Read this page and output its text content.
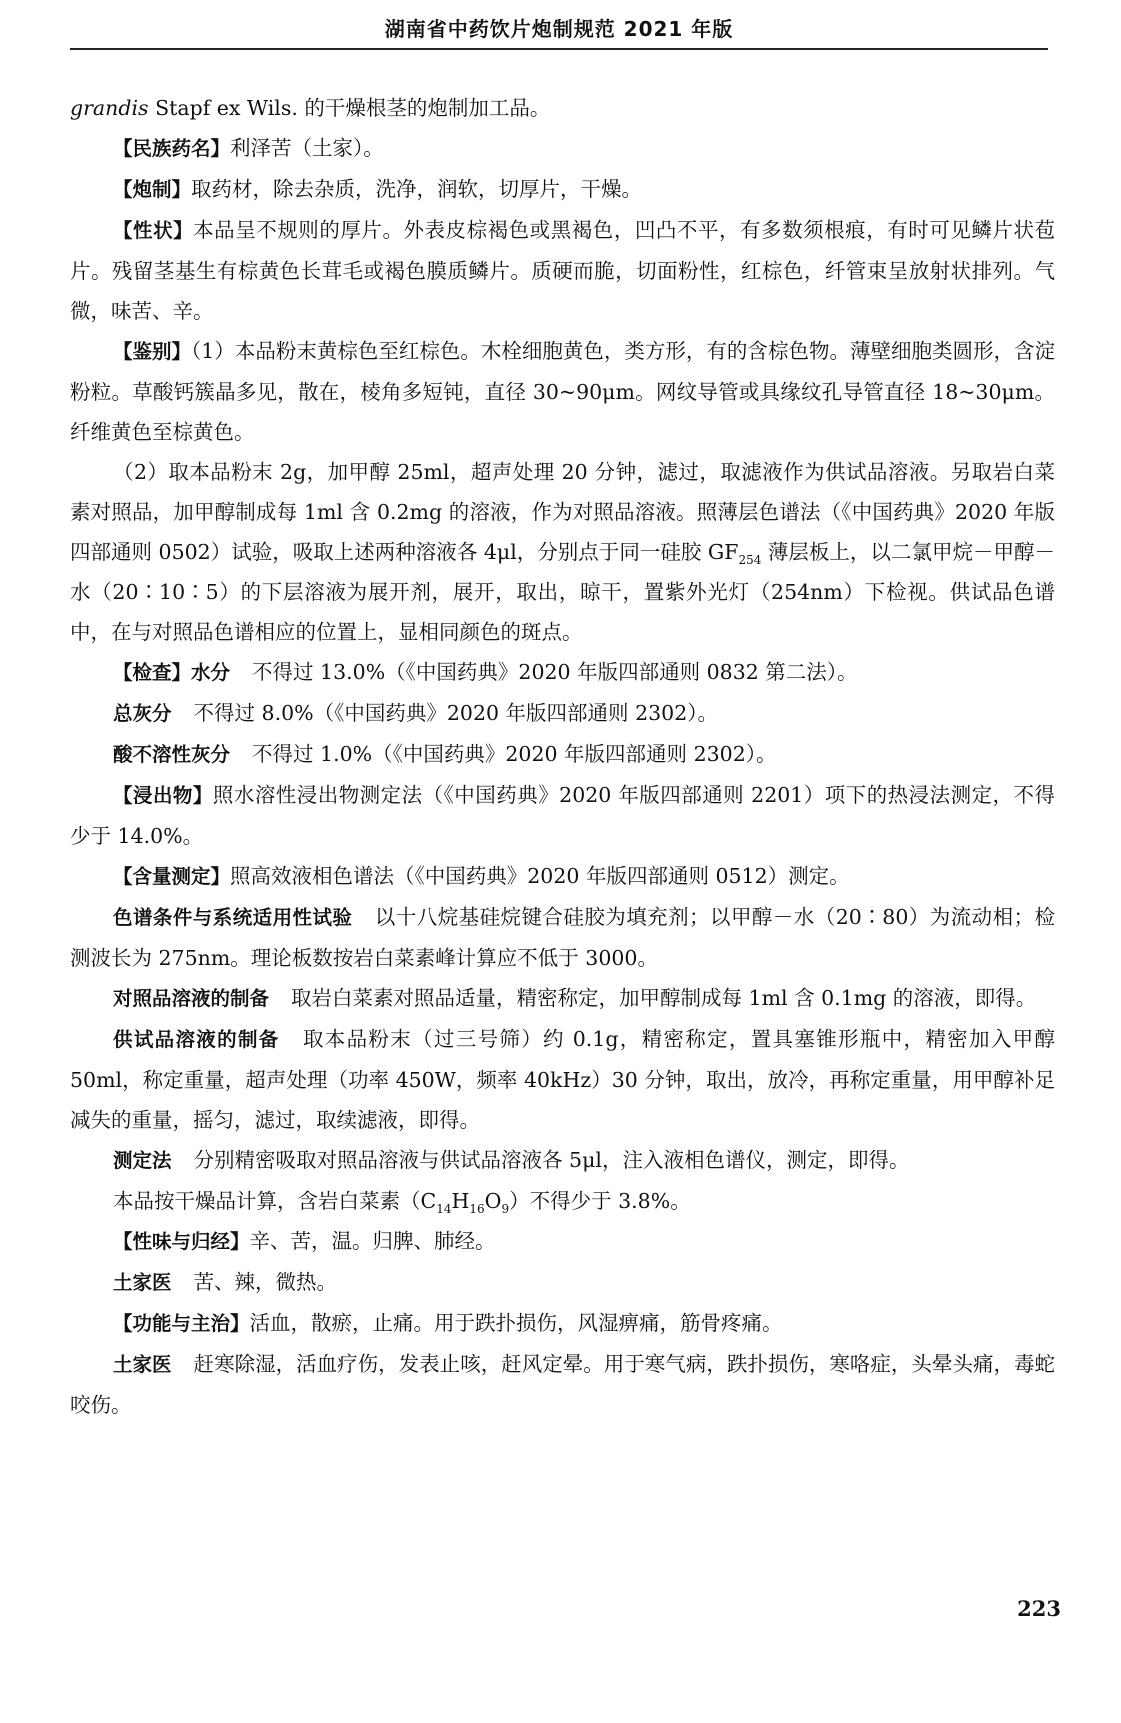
湖南省中药饮片炮制规范 2021 年版

grandis Stapf ex Wils. 的干燥根茎的炮制加工品。

【民族药名】利泽苦（土家）。

【炮制】取药材，除去杂质，洗净，润软，切厚片，干燥。

【性状】本品呈不规则的厚片。外表皮棕褐色或黑褐色，凹凸不平，有多数须根痕，有时可见鳞片状苞片。残留茎基生有棕黄色长茸毛或褐色膜质鳞片。质硬而脆，切面粉性，红棕色，纤管束呈放射状排列。气微，味苦、辛。

【鉴别】（1）本品粉末黄棕色至红棕色。木栓细胞黄色，类方形，有的含棕色物。薄壁细胞类圆形，含淀粉粒。草酸钙簇晶多见，散在，棱角多短钝，直径 30~90μm。网纹导管或具缘纹孔导管直径 18~30μm。纤维黄色至棕黄色。

（2）取本品粉末 2g，加甲醇 25ml，超声处理 20 分钟，滤过，取滤液作为供试品溶液。另取岩白菜素对照品，加甲醇制成每 1ml 含 0.2mg 的溶液，作为对照品溶液。照薄层色谱法（《中国药典》2020 年版四部通则 0502）试验，吸取上述两种溶液各 4μl，分别点于同一硅胶 $GF_{254}$ 薄层板上，以二氯甲烷－甲醇－水（20∶10∶5）的下层溶液为展开剂，展开，取出，晾干，置紫外光灯（254nm）下检视。供试品色谱中，在与对照品色谱相应的位置上，显相同颜色的斑点。

【检查】水分 不得过 13.0%（《中国药典》2020 年版四部通则 0832 第二法）。

总灰分 不得过 8.0%（《中国药典》2020 年版四部通则 2302）。

酸不溶性灰分 不得过 1.0%（《中国药典》2020 年版四部通则 2302）。

【浸出物】照水溶性浸出物测定法（《中国药典》2020 年版四部通则 2201）项下的热浸法测定，不得少于 14.0%。

【含量测定】照高效液相色谱法（《中国药典》2020 年版四部通则 0512）测定。

色谱条件与系统适用性试验 以十八烷基硅烷键合硅胶为填充剂；以甲醇－水（20∶80）为流动相；检测波长为 275nm。理论板数按岩白菜素峰计算应不低于 3000。

对照品溶液的制备 取岩白菜素对照品适量，精密称定，加甲醇制成每 1ml 含 0.1mg 的溶液，即得。

供试品溶液的制备 取本品粉末（过三号筛）约 0.1g，精密称定，置具塞锥形瓶中，精密加入甲醇 50ml，称定重量，超声处理（功率 450W，频率 40kHz）30 分钟，取出，放冷，再称定重量，用甲醇补足减失的重量，摇匀，滤过，取续滤液，即得。

测定法 分别精密吸取对照品溶液与供试品溶液各 5μl，注入液相色谱仪，测定，即得。

本品按干燥品计算，含岩白菜素$(C_{14}H_{16}O_9)$不得少于 3.8%。

【性味与归经】辛、苦，温。归脾、肺经。

土家医 苦、辣，微热。

【功能与主治】活血，散瘀，止痛。用于跌扑损伤，风湿痹痛，筋骨疼痛。

土家医 赶寒除湿，活血疗伤，发表止咳，赶风定晕。用于寒气病，跌扑损伤，寒咯症，头晕头痛，毒蛇咬伤。

223
